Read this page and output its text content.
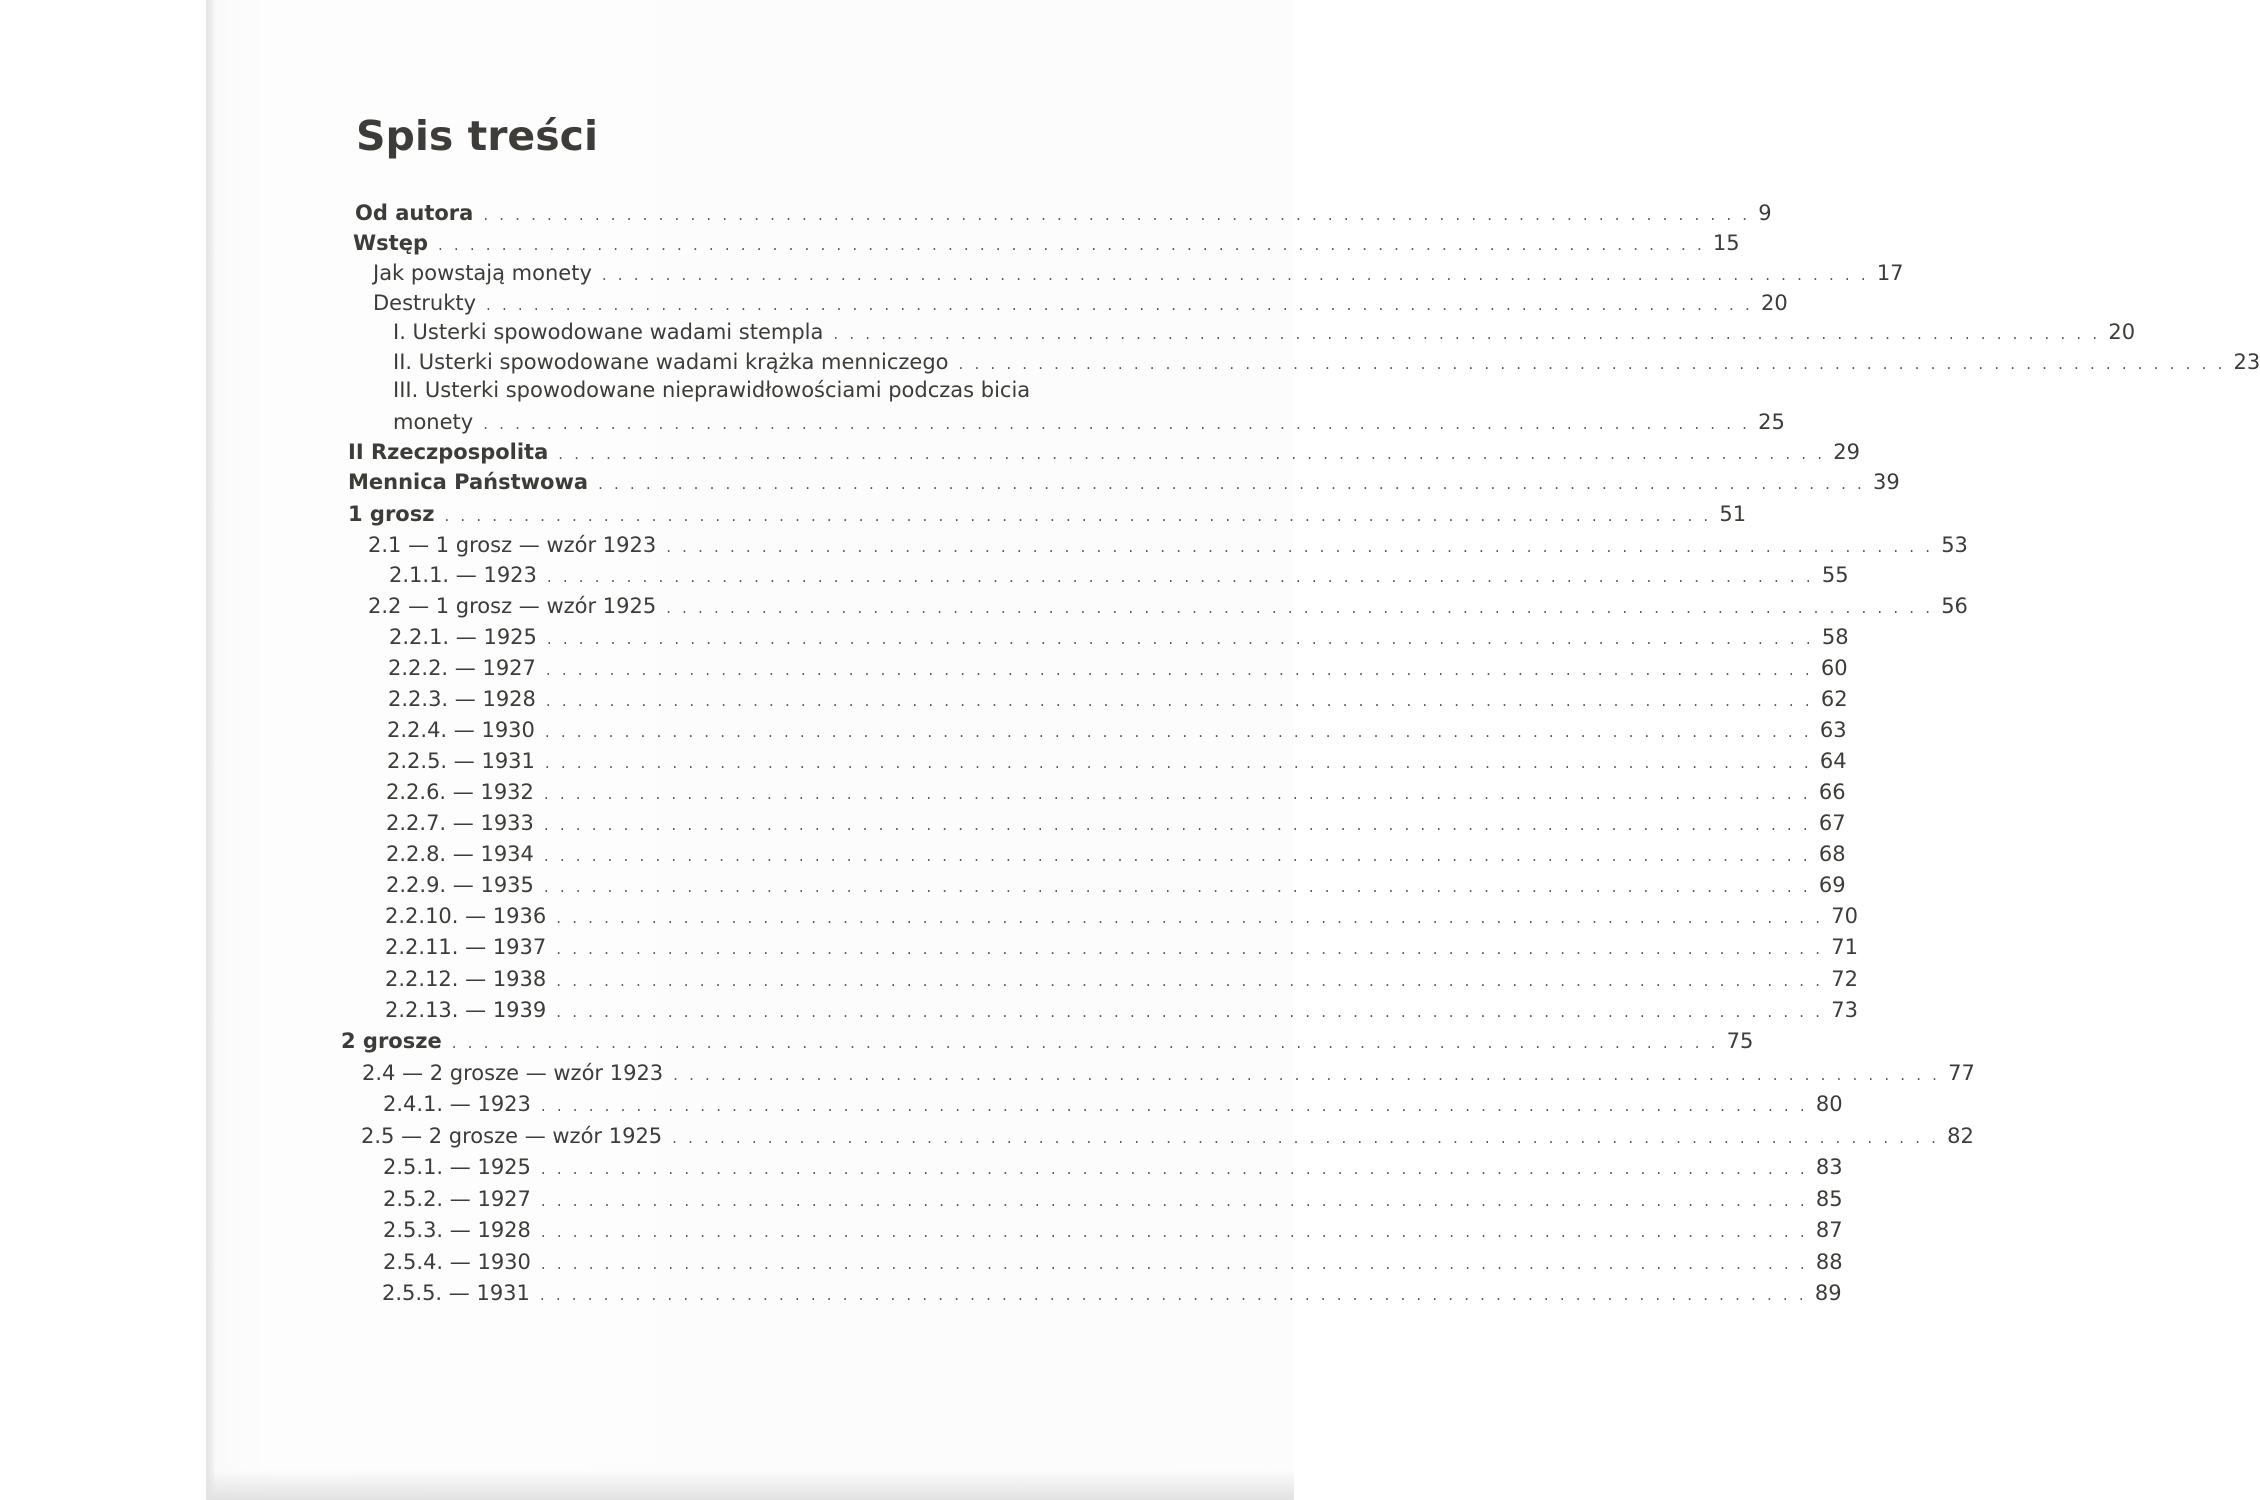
Spis treści
Od autora . . . . . . . . . . . . . . . . . . . . . . . . . . . . . . . . . . . . . . . . . . . . . . . . . . . . . . . . . . . . . . . . . . . . . . . . . . . . . . . . 9
Wstęp . . . . . . . . . . . . . . . . . . . . . . . . . . . . . . . . . . . . . . . . . . . . . . . . . . . . . . . . . . . . . . . . . . . . . . . . . . . . . . . . 15
Jak powstają monety . . . . . . . . . . . . . . . . . . . . . . . . . . . . . . . . . . . . . . . . . . . . . . . . . . . . . . . . . . . . . . . . . . . . . . . . . . . . . . . . 17
Destrukty . . . . . . . . . . . . . . . . . . . . . . . . . . . . . . . . . . . . . . . . . . . . . . . . . . . . . . . . . . . . . . . . . . . . . . . . . . . . . . . . 20
I. Usterki spowodowane wadami stempla . . . . . . . . . . . . . . . . . . . . . . . . . . . . . . . . . . . . . . . . . . . . . . . . . . . . . . . . . . . . . . . . . . . . . . . . . . . . . . . . 20
II. Usterki spowodowane wadami krążka menniczego . . . . . . . . . . . . . . . . . . . . . . . . . . . . . . . . . . . . . . . . . . . . . . . . . . . . . . . . . . . . . . . . . . . . . . . . . . . . . . . . 23
III. Usterki spowodowane nieprawidłowościami podczas bicia
monety . . . . . . . . . . . . . . . . . . . . . . . . . . . . . . . . . . . . . . . . . . . . . . . . . . . . . . . . . . . . . . . . . . . . . . . . . . . . . . . . 25
II Rzeczpospolita . . . . . . . . . . . . . . . . . . . . . . . . . . . . . . . . . . . . . . . . . . . . . . . . . . . . . . . . . . . . . . . . . . . . . . . . . . . . . . . . 29
Mennica Państwowa . . . . . . . . . . . . . . . . . . . . . . . . . . . . . . . . . . . . . . . . . . . . . . . . . . . . . . . . . . . . . . . . . . . . . . . . . . . . . . . . 39
1 grosz . . . . . . . . . . . . . . . . . . . . . . . . . . . . . . . . . . . . . . . . . . . . . . . . . . . . . . . . . . . . . . . . . . . . . . . . . . . . . . . . 51
2.1 — 1 grosz — wzór 1923 . . . . . . . . . . . . . . . . . . . . . . . . . . . . . . . . . . . . . . . . . . . . . . . . . . . . . . . . . . . . . . . . . . . . . . . . . . . . . . . . 53
2.1.1. — 1923 . . . . . . . . . . . . . . . . . . . . . . . . . . . . . . . . . . . . . . . . . . . . . . . . . . . . . . . . . . . . . . . . . . . . . . . . . . . . . . . . 55
2.2 — 1 grosz — wzór 1925 . . . . . . . . . . . . . . . . . . . . . . . . . . . . . . . . . . . . . . . . . . . . . . . . . . . . . . . . . . . . . . . . . . . . . . . . . . . . . . . . 56
2.2.1. — 1925 . . . . . . . . . . . . . . . . . . . . . . . . . . . . . . . . . . . . . . . . . . . . . . . . . . . . . . . . . . . . . . . . . . . . . . . . . . . . . . . . 58
2.2.2. — 1927 . . . . . . . . . . . . . . . . . . . . . . . . . . . . . . . . . . . . . . . . . . . . . . . . . . . . . . . . . . . . . . . . . . . . . . . . . . . . . . . . 60
2.2.3. — 1928 . . . . . . . . . . . . . . . . . . . . . . . . . . . . . . . . . . . . . . . . . . . . . . . . . . . . . . . . . . . . . . . . . . . . . . . . . . . . . . . . 62
2.2.4. — 1930 . . . . . . . . . . . . . . . . . . . . . . . . . . . . . . . . . . . . . . . . . . . . . . . . . . . . . . . . . . . . . . . . . . . . . . . . . . . . . . . . 63
2.2.5. — 1931 . . . . . . . . . . . . . . . . . . . . . . . . . . . . . . . . . . . . . . . . . . . . . . . . . . . . . . . . . . . . . . . . . . . . . . . . . . . . . . . . 64
2.2.6. — 1932 . . . . . . . . . . . . . . . . . . . . . . . . . . . . . . . . . . . . . . . . . . . . . . . . . . . . . . . . . . . . . . . . . . . . . . . . . . . . . . . . 66
2.2.7. — 1933 . . . . . . . . . . . . . . . . . . . . . . . . . . . . . . . . . . . . . . . . . . . . . . . . . . . . . . . . . . . . . . . . . . . . . . . . . . . . . . . . 67
2.2.8. — 1934 . . . . . . . . . . . . . . . . . . . . . . . . . . . . . . . . . . . . . . . . . . . . . . . . . . . . . . . . . . . . . . . . . . . . . . . . . . . . . . . . 68
2.2.9. — 1935 . . . . . . . . . . . . . . . . . . . . . . . . . . . . . . . . . . . . . . . . . . . . . . . . . . . . . . . . . . . . . . . . . . . . . . . . . . . . . . . . 69
2.2.10. — 1936 . . . . . . . . . . . . . . . . . . . . . . . . . . . . . . . . . . . . . . . . . . . . . . . . . . . . . . . . . . . . . . . . . . . . . . . . . . . . . . . . 70
2.2.11. — 1937 . . . . . . . . . . . . . . . . . . . . . . . . . . . . . . . . . . . . . . . . . . . . . . . . . . . . . . . . . . . . . . . . . . . . . . . . . . . . . . . . 71
2.2.12. — 1938 . . . . . . . . . . . . . . . . . . . . . . . . . . . . . . . . . . . . . . . . . . . . . . . . . . . . . . . . . . . . . . . . . . . . . . . . . . . . . . . . 72
2.2.13. — 1939 . . . . . . . . . . . . . . . . . . . . . . . . . . . . . . . . . . . . . . . . . . . . . . . . . . . . . . . . . . . . . . . . . . . . . . . . . . . . . . . . 73
2 grosze . . . . . . . . . . . . . . . . . . . . . . . . . . . . . . . . . . . . . . . . . . . . . . . . . . . . . . . . . . . . . . . . . . . . . . . . . . . . . . . . 75
2.4 — 2 grosze — wzór 1923 . . . . . . . . . . . . . . . . . . . . . . . . . . . . . . . . . . . . . . . . . . . . . . . . . . . . . . . . . . . . . . . . . . . . . . . . . . . . . . . . 77
2.4.1. — 1923 . . . . . . . . . . . . . . . . . . . . . . . . . . . . . . . . . . . . . . . . . . . . . . . . . . . . . . . . . . . . . . . . . . . . . . . . . . . . . . . . 80
2.5 — 2 grosze — wzór 1925 . . . . . . . . . . . . . . . . . . . . . . . . . . . . . . . . . . . . . . . . . . . . . . . . . . . . . . . . . . . . . . . . . . . . . . . . . . . . . . . . 82
2.5.1. — 1925 . . . . . . . . . . . . . . . . . . . . . . . . . . . . . . . . . . . . . . . . . . . . . . . . . . . . . . . . . . . . . . . . . . . . . . . . . . . . . . . . 83
2.5.2. — 1927 . . . . . . . . . . . . . . . . . . . . . . . . . . . . . . . . . . . . . . . . . . . . . . . . . . . . . . . . . . . . . . . . . . . . . . . . . . . . . . . . 85
2.5.3. — 1928 . . . . . . . . . . . . . . . . . . . . . . . . . . . . . . . . . . . . . . . . . . . . . . . . . . . . . . . . . . . . . . . . . . . . . . . . . . . . . . . . 87
2.5.4. — 1930 . . . . . . . . . . . . . . . . . . . . . . . . . . . . . . . . . . . . . . . . . . . . . . . . . . . . . . . . . . . . . . . . . . . . . . . . . . . . . . . . 88
2.5.5. — 1931 . . . . . . . . . . . . . . . . . . . . . . . . . . . . . . . . . . . . . . . . . . . . . . . . . . . . . . . . . . . . . . . . . . . . . . . . . . . . . . . . 89
